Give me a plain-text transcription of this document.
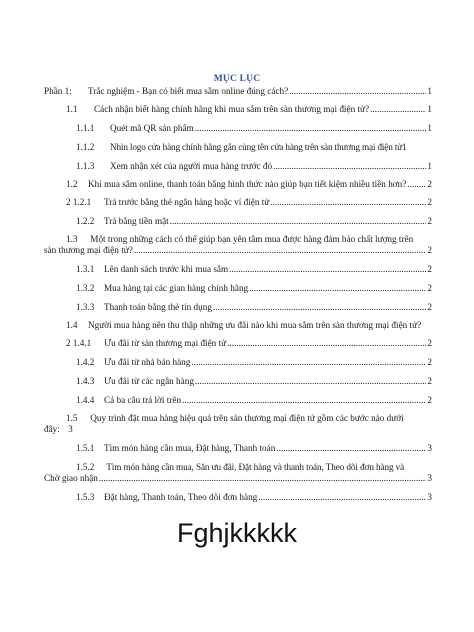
MỤC LỤC
Phần 1:	Trắc nghiệm - Bạn có biết mua sắm online đúng cách? .....	1
1.1	Cách nhận biết hàng chính hãng khi mua sắm trên sàn thương mại điện tử? .....	1
1.1.1	Quét mã QR sản phẩm .....	1
1.1.2	Nhìn logo cửa hàng chính hãng gắn cùng tên cửa hàng trên sàn thương mại điện tử 1
1.1.3	Xem nhận xét của người mua hàng trước đó .....	1
1.2	Khi mua sắm online, thanh toán bằng hình thức nào giúp bạn tiết kiệm nhiều tiền hơn? ..... 2
2 1.2.1	Trả trước bằng thẻ ngân hàng hoặc ví điện tử .....	2
1.2.2	Trả bằng tiền mặt .....	2
1.3 Một trong những cách có thể giúp bạn yên tâm mua được hàng đảm bảo chất lượng trên
sàn thương mại điện tử? .....	2
1.3.1	Lên danh sách trước khi mua sắm .....	2
1.3.2	Mua hàng tại các gian hàng chính hãng .....	2
1.3.3	Thanh toán bằng thẻ tín dụng .....	2
1.4	Người mua hàng nên thu thập những ưu đãi nào khi mua sắm trên sàn thương mại điện tử?
2 1.4.1	Ưu đãi từ sàn thương mại điện tử .....	2
1.4.2	Ưu đãi từ nhà bán hàng .....	2
1.4.3	Ưu đãi từ các ngân hàng .....	2
1.4.4	Cả ba câu trả lời trên .....	2
1.5 Quy trình đặt mua hàng hiệu quả trên sàn thương mại điện tử gồm các bước nào dưới
đây: 3
1.5.1	Tìm món hàng cần mua, Đặt hàng, Thanh toán .....	3
1.5.2 Tìm món hàng cần mua, Săn ưu đãi, Đặt hàng và thanh toán, Theo dõi đơn hàng và
Chờ giao nhận .....	3
1.5.3	Đặt hàng, Thanh toán, Theo dõi đơn hàng .....	3
Fghjkkkkk
